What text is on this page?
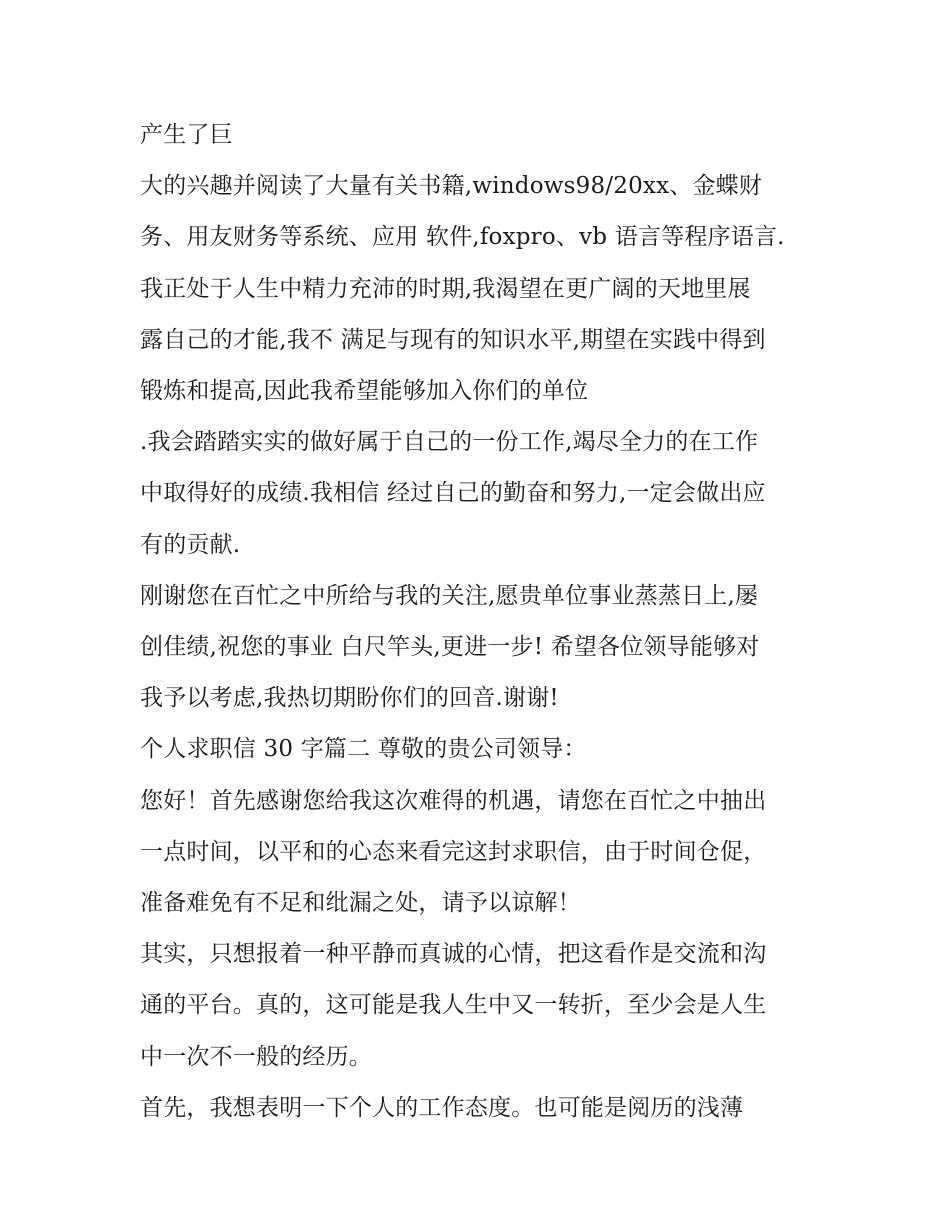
产生了巨
大的兴趣并阅读了大量有关书籍,windows98/20xx、金蝶财
务、用友财务等系统、应用 软件,foxpro、vb 语言等程序语言.
我正处于人生中精力充沛的时期,我渴望在更广阔的天地里展
露自己的才能,我不 满足与现有的知识水平,期望在实践中得到
锻炼和提高,因此我希望能够加入你们的单位
.我会踏踏实实的做好属于自己的一份工作,竭尽全力的在工作
中取得好的成绩.我相信 经过自己的勤奋和努力,一定会做出应
有的贡献.
刚谢您在百忙之中所给与我的关注,愿贵单位事业蒸蒸日上,屡
创佳绩,祝您的事业 白尺竿头,更进一步! 希望各位领导能够对
我予以考虑,我热切期盼你们的回音.谢谢!
个人求职信 30 字篇二 尊敬的贵公司领导：
您好！首先感谢您给我这次难得的机遇，请您在百忙之中抽出
一点时间，以平和的心态来看完这封求职信，由于时间仓促，
准备难免有不足和纰漏之处，请予以谅解！
其实，只想报着一种平静而真诚的心情，把这看作是交流和沟
通的平台。真的，这可能是我人生中又一转折，至少会是人生
中一次不一般的经历。
首先，我想表明一下个人的工作态度。也可能是阅历的浅薄
